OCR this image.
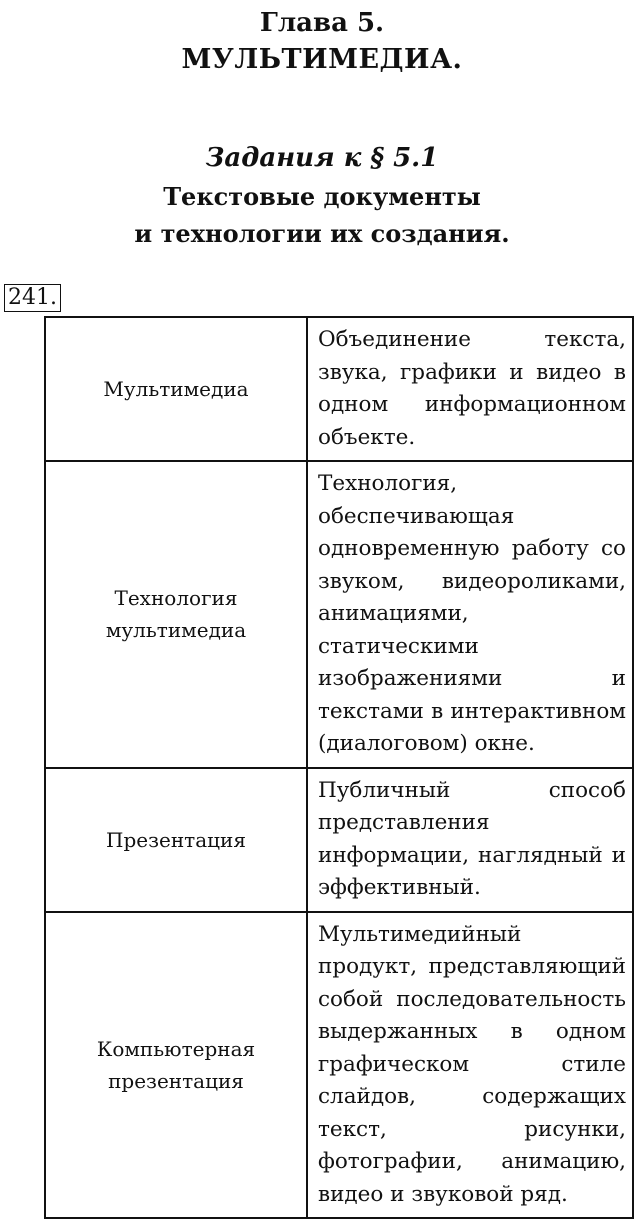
Глава 5.
МУЛЬТИМЕДИА.
Задания к § 5.1
Текстовые документы
и технологии их создания.
241.
Мультимедиа	Объединение текста, звука, графики и видео в одном информационном объекте.

Технология
мультимедиа	Технология, обеспечивающая одновременную работу со звуком, видеороликами, анимациями, статическими изображениями и текстами в интерактивном (диалоговом) окне.
Презентация	Публичный способ представления информации, наглядный и эффективный.

Компьютерная
презентация	Мультимедийный продукт, представляющий собой последовательность выдержанных в одном графическом стиле слайдов, содержащих текст, рисунки, фотографии, анимацию, видео и звуковой ряд.
